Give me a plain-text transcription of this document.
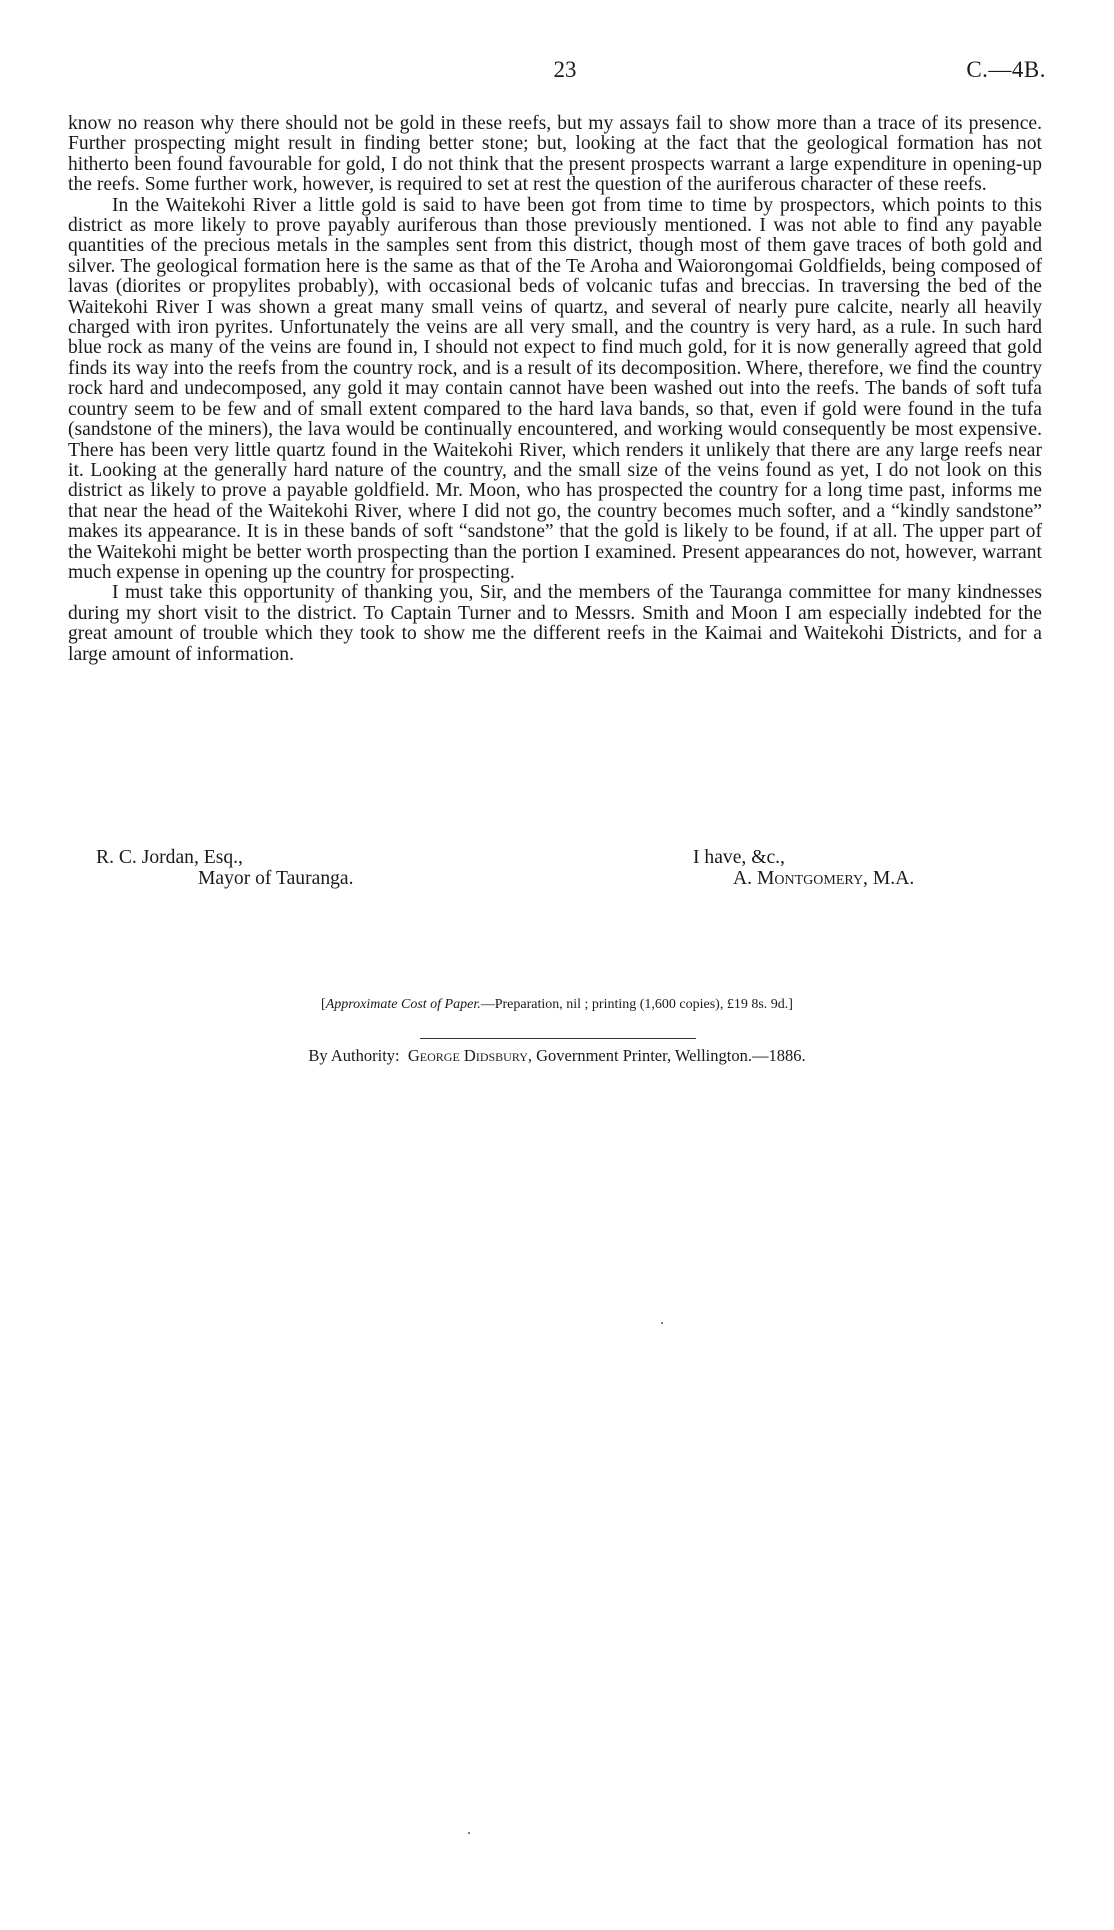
23	C.—4B.

know no reason why there should not be gold in these reefs, but my assays fail to show more than a trace of its presence. Further prospecting might result in finding better stone; but, looking at the fact that the geological formation has not hitherto been found favourable for gold, I do not think that the present prospects warrant a large expenditure in opening-up the reefs. Some further work, however, is required to set at rest the question of the auriferous character of these reefs.

In the Waitekohi River a little gold is said to have been got from time to time by prospectors, which points to this district as more likely to prove payably auriferous than those previously mentioned. I was not able to find any payable quantities of the precious metals in the samples sent from this district, though most of them gave traces of both gold and silver. The geological formation here is the same as that of the Te Aroha and Waiorongomai Goldfields, being composed of lavas (diorites or propylites probably), with occasional beds of volcanic tufas and breccias. In traversing the bed of the Waitekohi River I was shown a great many small veins of quartz, and several of nearly pure calcite, nearly all heavily charged with iron pyrites. Unfortunately the veins are all very small, and the country is very hard, as a rule. In such hard blue rock as many of the veins are found in, I should not expect to find much gold, for it is now generally agreed that gold finds its way into the reefs from the country rock, and is a result of its decomposition. Where, therefore, we find the country rock hard and undecomposed, any gold it may contain cannot have been washed out into the reefs. The bands of soft tufa country seem to be few and of small extent compared to the hard lava bands, so that, even if gold were found in the tufa (sandstone of the miners), the lava would be continually encountered, and working would consequently be most expensive. There has been very little quartz found in the Waitekohi River, which renders it unlikely that there are any large reefs near it. Looking at the generally hard nature of the country, and the small size of the veins found as yet, I do not look on this district as likely to prove a payable goldfield. Mr. Moon, who has prospected the country for a long time past, informs me that near the head of the Waitekohi River, where I did not go, the country becomes much softer, and a “kindly sandstone” makes its appearance. It is in these bands of soft “sandstone” that the gold is likely to be found, if at all. The upper part of the Waitekohi might be better worth prospecting than the portion I examined. Present appearances do not, however, warrant much expense in opening up the country for prospecting.

I must take this opportunity of thanking you, Sir, and the members of the Tauranga committee for many kindnesses during my short visit to the district. To Captain Turner and to Messrs. Smith and Moon I am especially indebted for the great amount of trouble which they took to show me the different reefs in the Kaimai and Waitekohi Districts, and for a large amount of information.

R. C. Jordan, Esq.,	I have, &c.,
Mayor of Tauranga.	A. Montgomery, M.A.
[Approximate Cost of Paper.—Preparation, nil ; printing (1,600 copies), £19 8s. 9d.]
By Authority: George Didsbury, Government Printer, Wellington.—1886.
